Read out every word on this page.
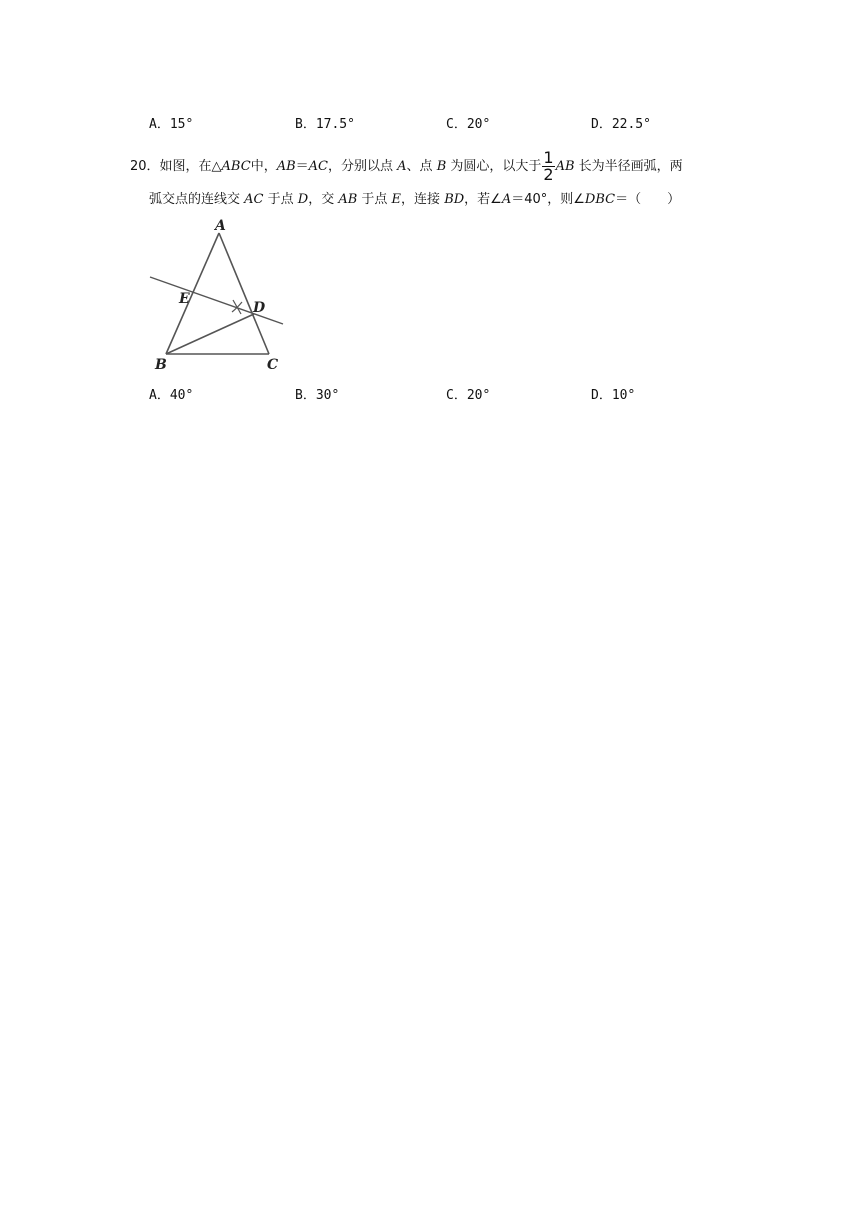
A．15°	B．17.5°	C．20°	D．22.5°
20．如图，在△ABC中，AB＝AC，分别以点 A、点 B 为圆心，以大于 $\frac{1}{2}$ AB 长为半径画弧，两
弧交点的连线交 AC 于点 D，交 AB 于点 E，连接 BD，若∠A＝40°，则∠DBC＝（　　）
A
E
D
B	C
A．40°	B．30°	C．20°	D．10°
